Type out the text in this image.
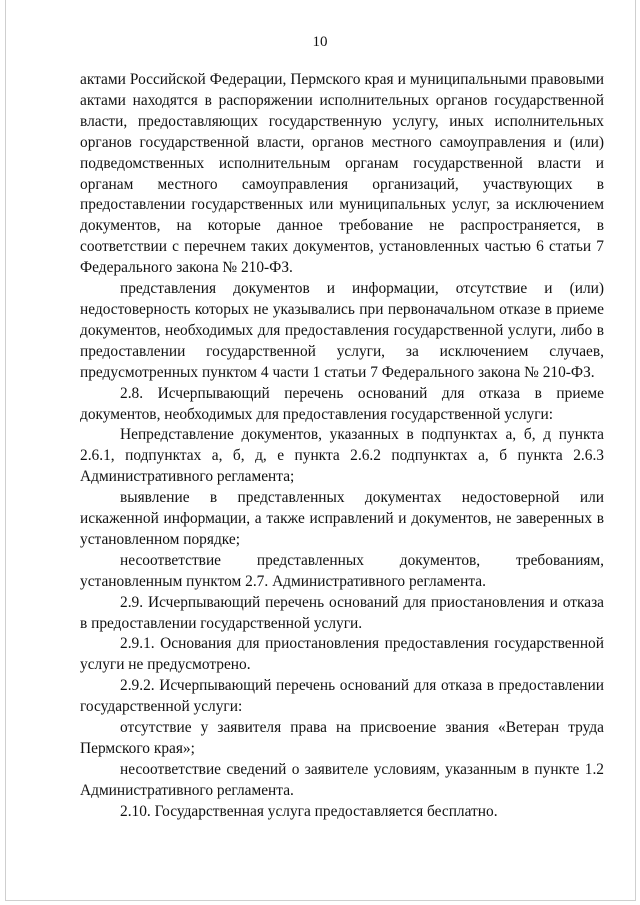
10

актами Российской Федерации, Пермского края и муниципальными правовыми актами находятся в распоряжении исполнительных органов государственной власти, предоставляющих государственную услугу, иных исполнительных органов государственной власти, органов местного самоуправления и (или) подведомственных исполнительным органам государственной власти и органам местного самоуправления организаций, участвующих в предоставлении государственных или муниципальных услуг, за исключением документов, на которые данное требование не распространяется, в соответствии с перечнем таких документов, установленных частью 6 статьи 7 Федерального закона № 210-ФЗ.

представления документов и информации, отсутствие и (или) недостоверность которых не указывались при первоначальном отказе в приеме документов, необходимых для предоставления государственной услуги, либо в предоставлении государственной услуги, за исключением случаев, предусмотренных пунктом 4 части 1 статьи 7 Федерального закона № 210-ФЗ.

2.8. Исчерпывающий перечень оснований для отказа в приеме документов, необходимых для предоставления государственной услуги:

Непредставление документов, указанных в подпунктах а, б, д пункта 2.6.1, подпунктах а, б, д, е пункта 2.6.2 подпунктах а, б пункта 2.6.3 Административного регламента;

выявление в представленных документах недостоверной или искаженной информации, а также исправлений и документов, не заверенных в установленном порядке;

несоответствие представленных документов, требованиям, установленным пунктом 2.7. Административного регламента.

2.9. Исчерпывающий перечень оснований для приостановления и отказа в предоставлении государственной услуги.

2.9.1. Основания для приостановления предоставления государственной услуги не предусмотрено.

2.9.2. Исчерпывающий перечень оснований для отказа в предоставлении государственной услуги:

отсутствие у заявителя права на присвоение звания «Ветеран труда Пермского края»;

несоответствие сведений о заявителе условиям, указанным в пункте 1.2 Административного регламента.

2.10. Государственная услуга предоставляется бесплатно.
